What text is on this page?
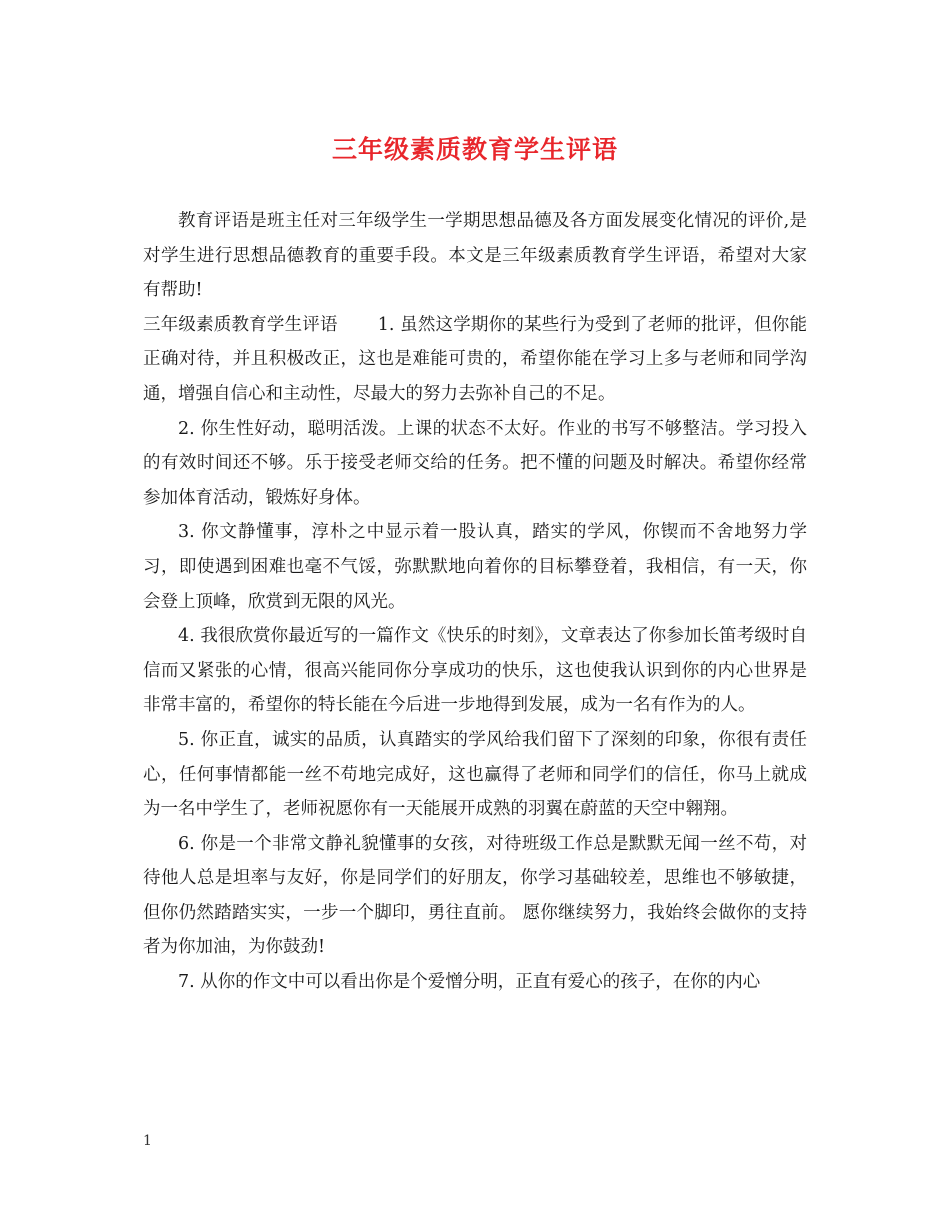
三年级素质教育学生评语

教育评语是班主任对三年级学生一学期思想品德及各方面发展变化情况的评价,是对学生进行思想品德教育的重要手段。本文是三年级素质教育学生评语，希望对大家有帮助!

三年级素质教育学生评语 1. 虽然这学期你的某些行为受到了老师的批评，但你能正确对待，并且积极改正，这也是难能可贵的，希望你能在学习上多与老师和同学沟通，增强自信心和主动性，尽最大的努力去弥补自己的不足。

2. 你生性好动，聪明活泼。上课的状态不太好。作业的书写不够整洁。学习投入的有效时间还不够。乐于接受老师交给的任务。把不懂的问题及时解决。希望你经常参加体育活动，锻炼好身体。

3. 你文静懂事，淳朴之中显示着一股认真，踏实的学风，你锲而不舍地努力学习，即使遇到困难也毫不气馁，弥默默地向着你的目标攀登着，我相信，有一天，你会登上顶峰，欣赏到无限的风光。

4. 我很欣赏你最近写的一篇作文《快乐的时刻》，文章表达了你参加长笛考级时自信而又紧张的心情，很高兴能同你分享成功的快乐，这也使我认识到你的内心世界是非常丰富的，希望你的特长能在今后进一步地得到发展，成为一名有作为的人。

5. 你正直，诚实的品质，认真踏实的学风给我们留下了深刻的印象，你很有责任心，任何事情都能一丝不苟地完成好，这也赢得了老师和同学们的信任，你马上就成为一名中学生了，老师祝愿你有一天能展开成熟的羽翼在蔚蓝的天空中翱翔。

6. 你是一个非常文静礼貌懂事的女孩，对待班级工作总是默默无闻一丝不苟，对待他人总是坦率与友好，你是同学们的好朋友，你学习基础较差，思维也不够敏捷，但你仍然踏踏实实，一步一个脚印，勇往直前。 愿你继续努力，我始终会做你的支持者为你加油，为你鼓劲!

7. 从你的作文中可以看出你是个爱憎分明，正直有爱心的孩子，在你的内心

1
